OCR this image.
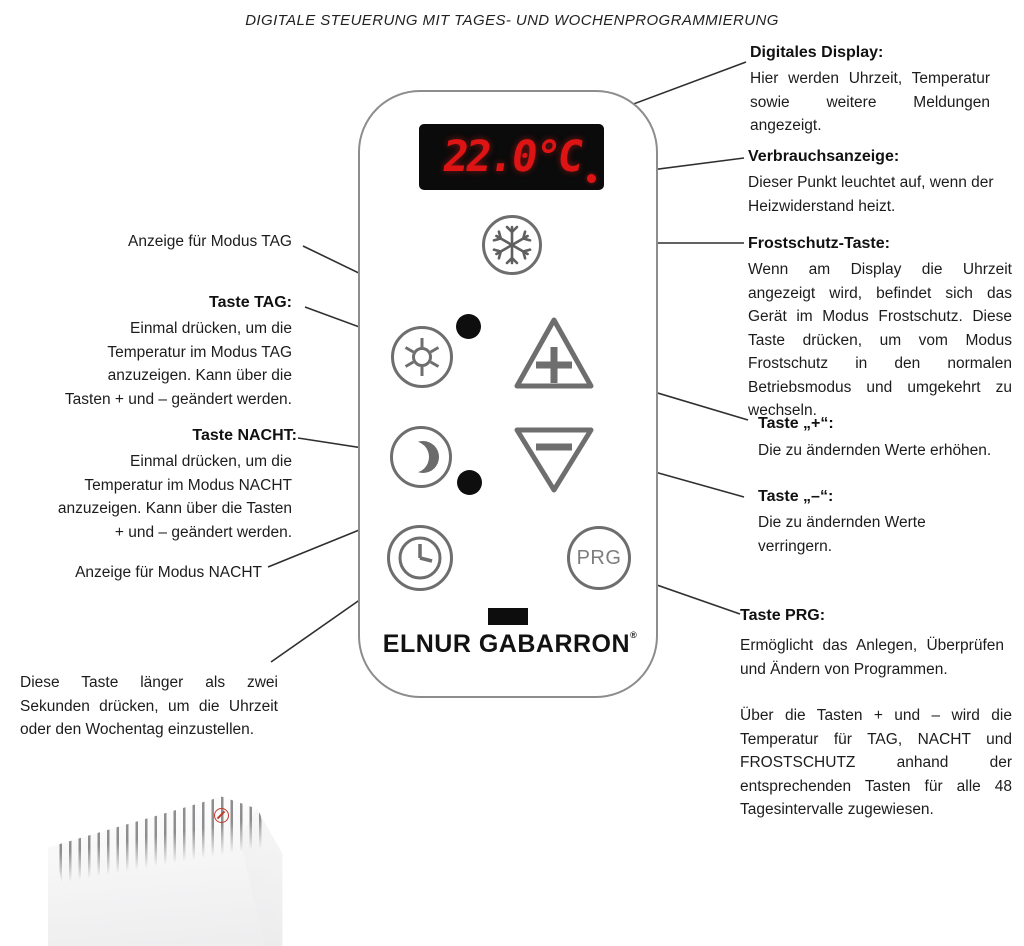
DIGITALE STEUERUNG MIT TAGES- UND WOCHENPROGRAMMIERUNG
22.0°C
PRG
ELNUR GABARRON®
Anzeige für Modus TAG
Taste TAG:
Einmal drücken, um die Temperatur im Modus TAG anzuzeigen. Kann über die Tasten + und – geändert werden.
Taste NACHT:
Einmal drücken, um die Temperatur im Modus NACHT anzuzeigen. Kann über die Tasten + und – geändert werden.
Anzeige für Modus NACHT
Diese Taste länger als zwei Sekunden drücken, um die Uhrzeit oder den Wochentag einzustellen.
Digitales Display:
Hier werden Uhrzeit, Temperatur sowie weitere Meldungen angezeigt.
Verbrauchsanzeige:
Dieser Punkt leuchtet auf, wenn der Heizwiderstand heizt.
Frostschutz-Taste:
Wenn am Display die Uhrzeit angezeigt wird, befindet sich das Gerät im Modus Frostschutz. Diese Taste drücken, um vom Modus Frostschutz in den normalen Betriebsmodus und umgekehrt zu wechseln.
Taste „+“:
Die zu ändernden Werte erhöhen.
Taste „–“:
Die zu ändernden Werte verringern.
Taste PRG:
Ermöglicht das Anlegen, Überprüfen und Ändern von Programmen.
Über die Tasten + und – wird die Temperatur für TAG, NACHT und FROSTSCHUTZ anhand der entsprechenden Tasten für alle 48 Tagesintervalle zugewiesen.
